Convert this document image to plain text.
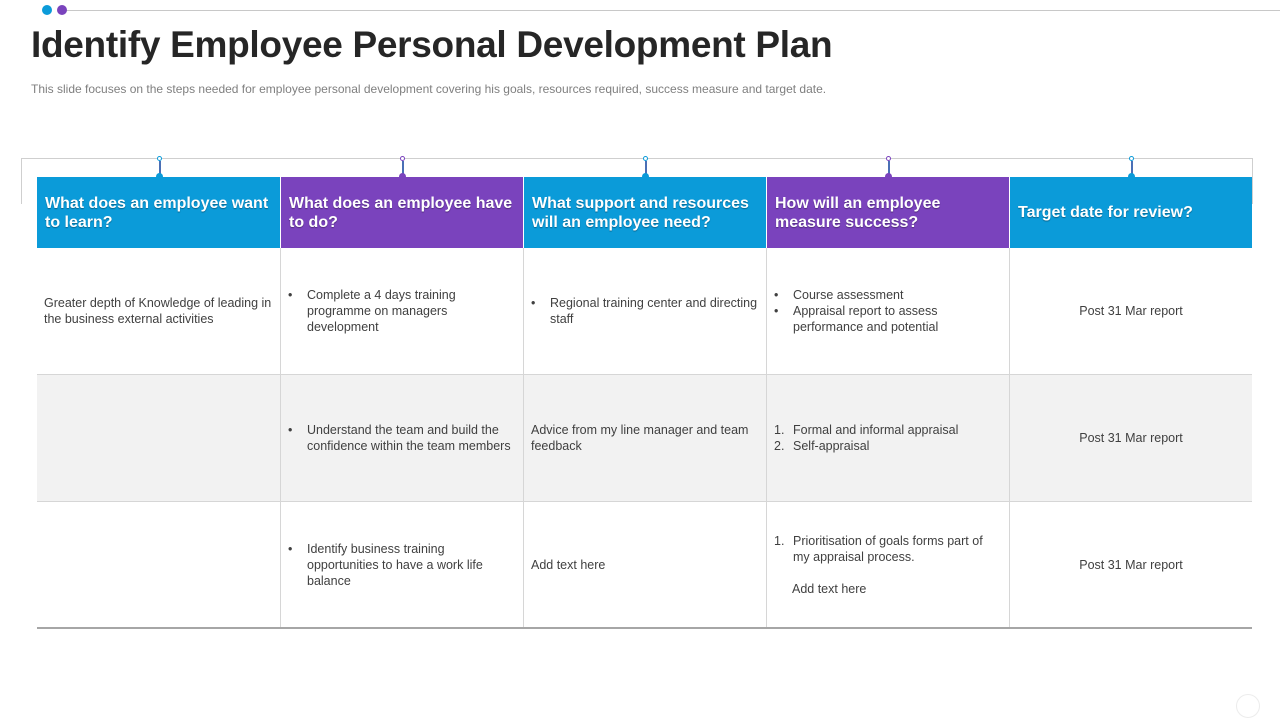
Identify Employee Personal Development Plan

This slide focuses on the steps needed for employee personal development covering his goals, resources required, success measure and target date.

What does an employee want to learn?
What does an employee have to do?
What support and resources will an employee need?
How will an employee measure success?
Target date for review?
Greater depth of Knowledge of leading in the business external activities
• Complete a 4 days training programme on managers development
• Regional training center and directing staff
• Course assessment
• Appraisal report to assess performance and potential
Post 31 Mar report
• Understand the team and build the confidence within the team members
Advice from my line manager and team feedback
1. Formal and informal appraisal
2. Self-appraisal
Post 31 Mar report
• Identify business training opportunities to have a work life balance
Add text here
1. Prioritisation of goals forms part of my appraisal process.
Add text here
Post 31 Mar report
